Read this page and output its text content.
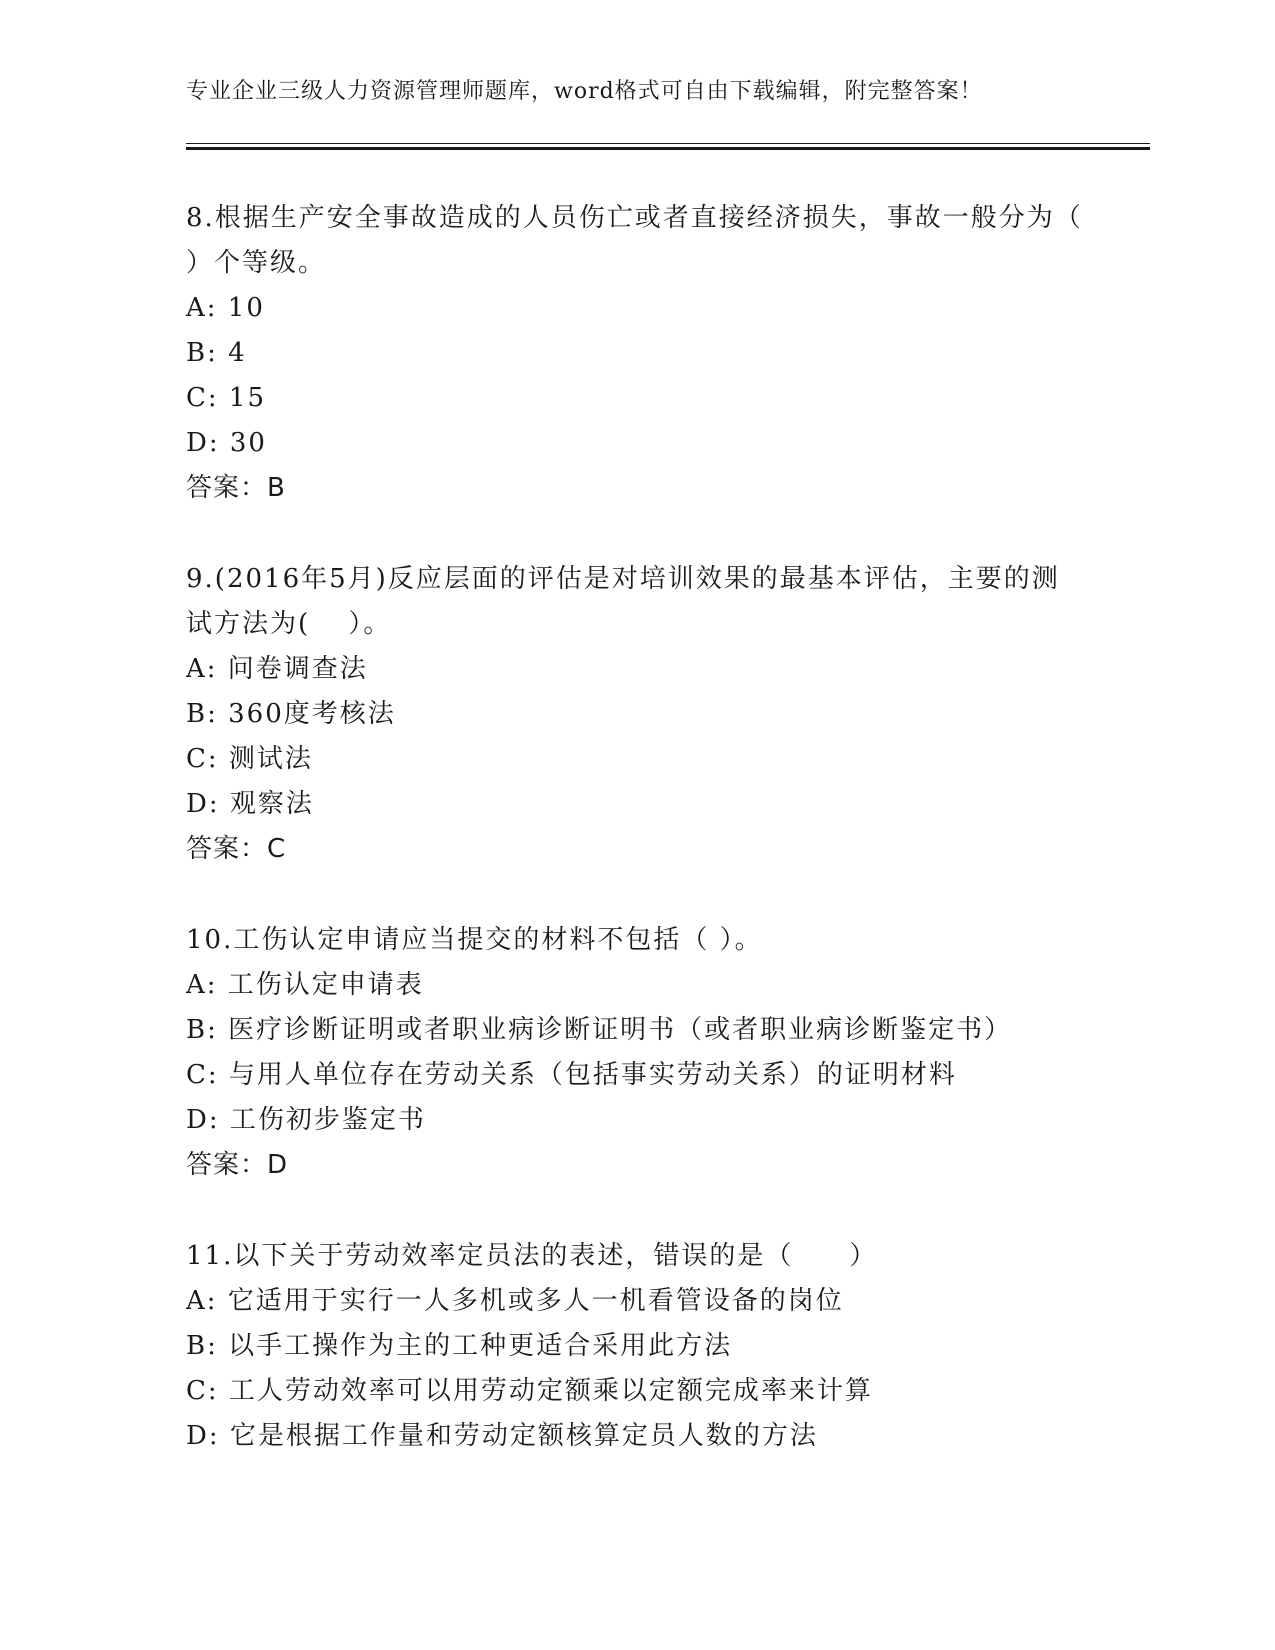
专业企业三级人力资源管理师题库，word格式可自由下载编辑，附完整答案！
8.根据生产安全事故造成的人员伤亡或者直接经济损失，事故一般分为（ ）个等级。
A: 10
B: 4
C: 15
D: 30
答案：B
9.(2016年5月)反应层面的评估是对培训效果的最基本评估，主要的测试方法为(　 ）。
A: 问卷调查法
B: 360度考核法
C: 测试法
D: 观察法
答案：C
10.工伤认定申请应当提交的材料不包括（ ）。
A: 工伤认定申请表
B: 医疗诊断证明或者职业病诊断证明书（或者职业病诊断鉴定书）
C: 与用人单位存在劳动关系（包括事实劳动关系）的证明材料
D: 工伤初步鉴定书
答案：D
11.以下关于劳动效率定员法的表述，错误的是（　　）
A: 它适用于实行一人多机或多人一机看管设备的岗位
B: 以手工操作为主的工种更适合采用此方法
C: 工人劳动效率可以用劳动定额乘以定额完成率来计算
D: 它是根据工作量和劳动定额核算定员人数的方法
